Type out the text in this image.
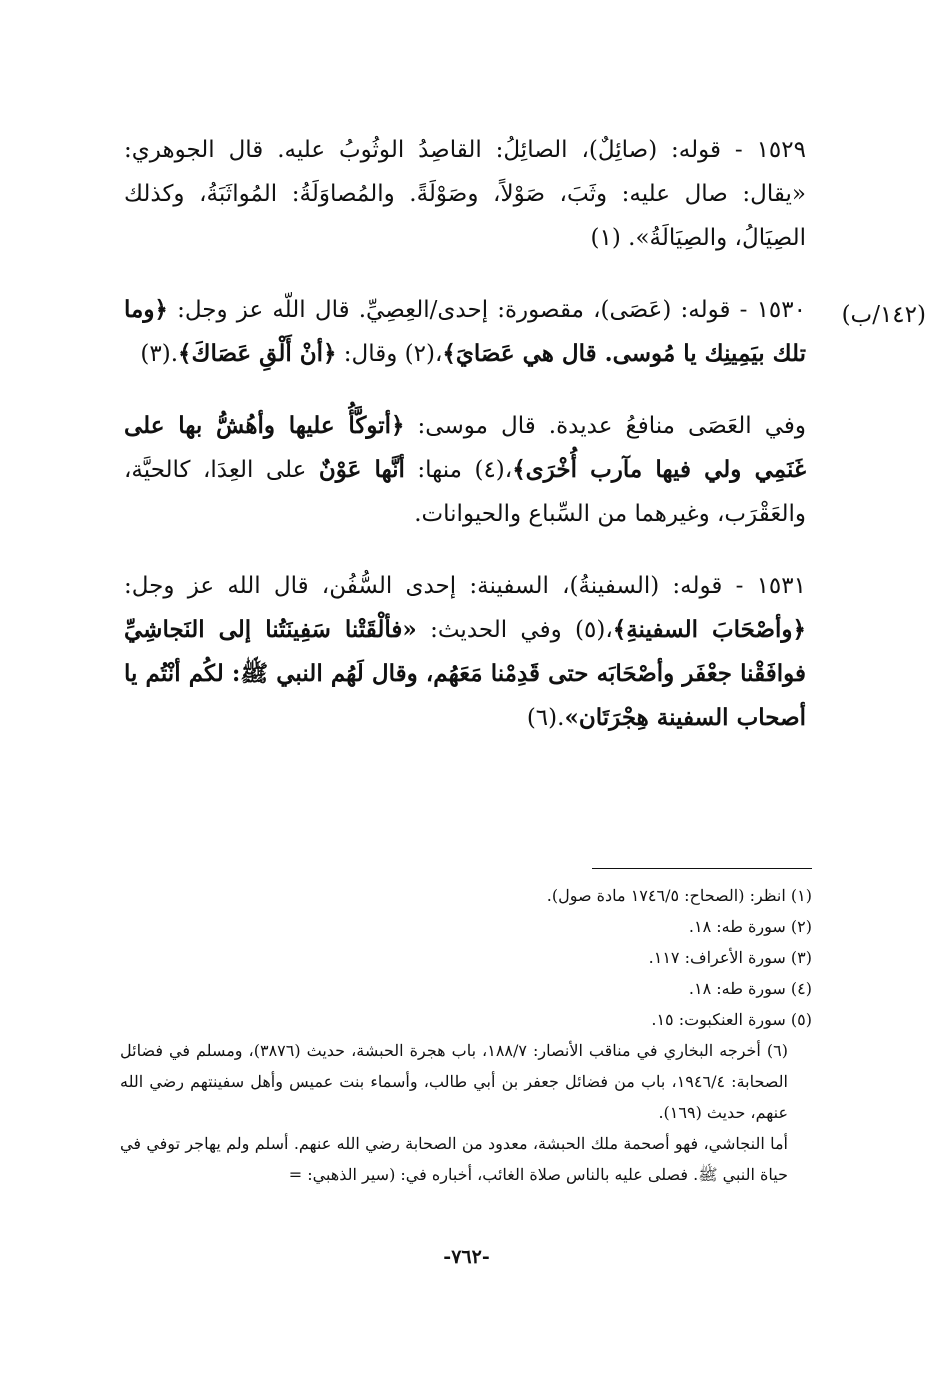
(١٤٢/ب)

١٥٢٩ - قوله: (صائِلٌ)، الصائِلُ: القاصِدُ الوثُوبُ عليه. قال الجوهري: «يقال: صال عليه: وثَبَ، صَوْلاً، وصَوْلَةً. والمُصاوَلَةُ: المُواثَبَةُ، وكذلك الصِيَالُ، والصِيَالَةُ». (١)

١٥٣٠ - قوله: (عَصَى)، مقصورة: إحدى/العِصِيِّ. قال اللّه عز وجل: ﴿وما تلك بيَمِينِك يا مُوسى. قال هي عَصَايَ﴾،(٢) وقال: ﴿أنْ أَلْقِ عَصَاكَ﴾.(٣)

وفي العَصَى منافعُ عديدة. قال موسى: ﴿أتوكَّأُ عليها وأهُشُّ بها على غَنَمِي ولي فيها مآرب أُخْرَى﴾،(٤) منها: أنَّها عَوْنٌ على العِدَا، كالحيَّة، والعَقْرَب، وغيرهما من السِّباع والحيوانات.

١٥٣١ - قوله: (السفينةُ)، السفينة: إحدى السُّفُن، قال الله عز وجل: ﴿وأصْحَابَ السفينةِ﴾،(٥) وفي الحديث: «فألْقَتْنا سَفِينَتُنا إلى النَجاشِيِّ فوافَقْنا جعْفَر وأصْحَابَه حتى قَدِمْنا مَعَهُم، وقال لَهُم النبي ﷺ: لكُم أنْتُم يا أصحاب السفينة هِجْرَتَان».(٦)

(١) انظر: (الصحاح: ١٧٤٦/٥ مادة صول).

(٢) سورة طه: ١٨.

(٣) سورة الأعراف: ١١٧.

(٤) سورة طه: ١٨.

(٥) سورة العنكبوت: ١٥.

(٦) أخرجه البخاري في مناقب الأنصار: ١٨٨/٧، باب هجرة الحبشة، حديث (٣٨٧٦)، ومسلم في فضائل الصحابة: ١٩٤٦/٤، باب من فضائل جعفر بن أبي طالب، وأسماء بنت عميس وأهل سفينتهم رضي الله عنهم، حديث (١٦٩).

أما النجاشي، فهو أصحمة ملك الحبشة، معدود من الصحابة رضي الله عنهم. أسلم ولم يهاجر توفي في حياة النبي ﷺ. فصلى عليه بالناس صلاة الغائب، أخباره في: (سير الذهبي: =

-٧٦٢-
